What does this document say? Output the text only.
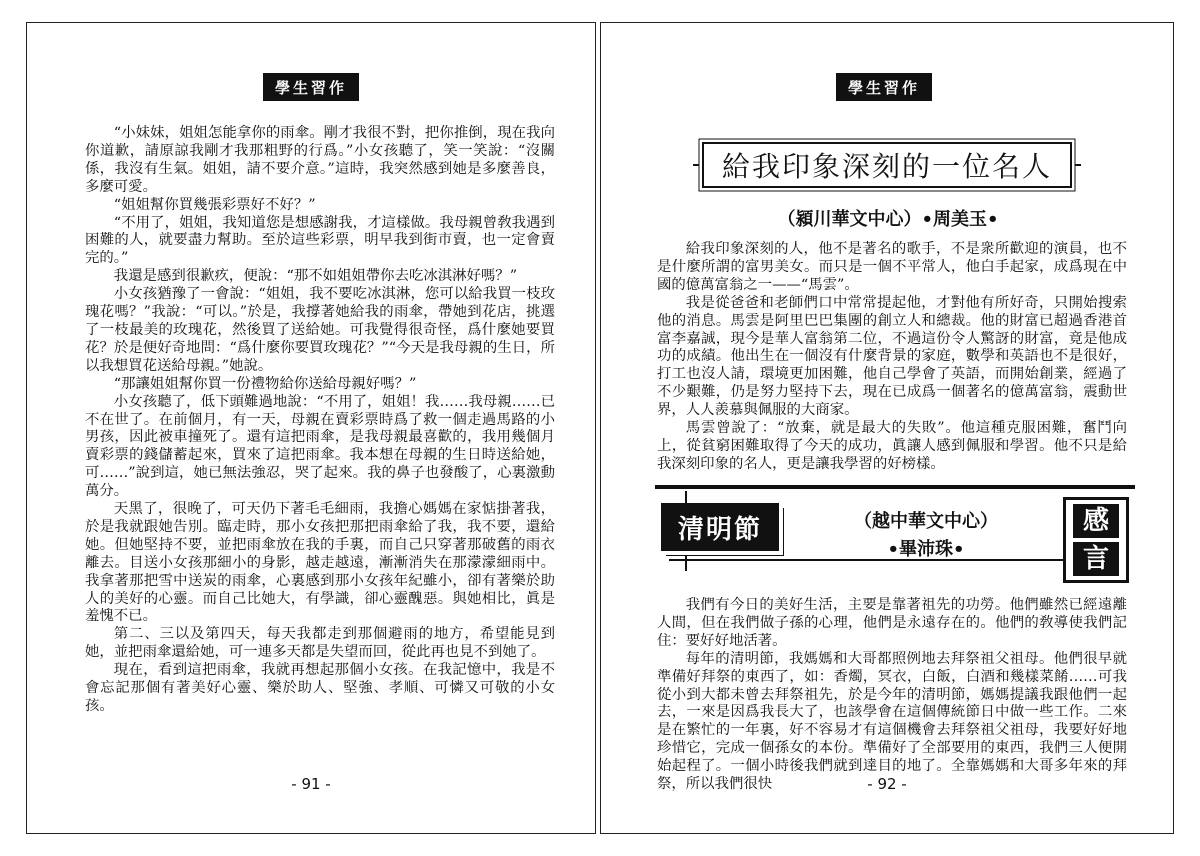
學生習作

“小妹妹，姐姐怎能拿你的雨傘。剛才我很不對，把你推倒，現在我向你道歉，請原諒我剛才我那粗野的行爲。”小女孩聽了，笑一笑說：“沒關係，我沒有生氣。姐姐，請不要介意。”這時，我突然感到她是多麼善良，多麼可愛。

“姐姐幫你買幾張彩票好不好？”

“不用了，姐姐，我知道您是想感謝我，才這樣做。我母親曾敎我遇到困難的人，就要盡力幫助。至於這些彩票，明早我到街市賣，也一定會賣完的。”

我還是感到很歉疚，便說：“那不如姐姐帶你去吃冰淇淋好嗎？”

小女孩猶豫了一會說：“姐姐，我不要吃冰淇淋，您可以給我買一枝玫瑰花嗎？”我說：“可以。”於是，我撐著她給我的雨傘，帶她到花店，挑選了一枝最美的玫瑰花，然後買了送給她。可我覺得很奇怪，爲什麼她要買花？於是便好奇地問：“爲什麼你要買玫瑰花？”“今天是我母親的生日，所以我想買花送給母親。”她說。

“那讓姐姐幫你買一份禮物給你送給母親好嗎？”

小女孩聽了，低下頭難過地說：“不用了，姐姐！我……我母親……已不在世了。在前個月，有一天，母親在賣彩票時爲了救一個走過馬路的小男孩，因此被車撞死了。還有這把雨傘，是我母親最喜歡的，我用幾個月賣彩票的錢儲蓄起來，買來了這把雨傘。我本想在母親的生日時送給她，可……”說到這，她已無法強忍，哭了起來。我的鼻子也發酸了，心裏激動萬分。

天黑了，很晚了，可天仍下著毛毛細雨，我擔心媽媽在家惦掛著我，於是我就跟她告別。臨走時，那小女孩把那把雨傘給了我，我不要，還給她。但她堅持不要，並把雨傘放在我的手裏，而自己只穿著那破舊的雨衣離去。目送小女孩那細小的身影，越走越遠，漸漸消失在那濛濛細雨中。我拿著那把雪中送炭的雨傘，心裏感到那小女孩年紀雖小，卻有著樂於助人的美好的心靈。而自己比她大，有學識，卻心靈醜惡。與她相比，眞是羞愧不已。

第二、三以及第四天，每天我都走到那個避雨的地方，希望能見到她，並把雨傘還給她，可一連多天都是失望而回，從此再也見不到她了。

現在，看到這把雨傘，我就再想起那個小女孩。在我記憶中，我是不會忘記那個有著美好心靈、樂於助人、堅強、孝順、可憐又可敬的小女孩。

- 91 -
學生習作
給我印象深刻的一位名人
（潁川華文中心）•周美玉•

給我印象深刻的人，他不是著名的歌手，不是衆所歡迎的演員，也不是什麼所謂的富男美女。而只是一個不平常人，他白手起家，成爲現在中國的億萬富翁之一——“馬雲”。

我是從爸爸和老師們口中常常提起他，才對他有所好奇，只開始搜索他的消息。馬雲是阿里巴巴集團的創立人和總裁。他的財富已超過香港首富李嘉誠，現今是華人富翁第二位，不過這份令人驚訝的財富，竟是他成功的成績。他出生在一個沒有什麼背景的家庭，數學和英語也不是很好，打工也沒人請，環境更加困難，他自己學會了英語，而開始創業，經過了不少艱難，仍是努力堅持下去，現在已成爲一個著名的億萬富翁，震動世界，人人羨慕與佩服的大商家。

馬雲曾說了：“放棄，就是最大的失敗”。他這種克服困難，奮鬥向上，從貧窮困難取得了今天的成功，眞讓人感到佩服和學習。他不只是給我深刻印象的名人，更是讓我學習的好榜樣。

清明節	（越中華文中心）
•畢沛珠•
感
言

我們有今日的美好生活，主要是靠著祖先的功勞。他們雖然已經遠離人間，但在我們做子孫的心理，他們是永遠存在的。他們的敎導使我們記住：要好好地活著。

每年的清明節，我媽媽和大哥都照例地去拜祭祖父祖母。他們很早就準備好拜祭的東西了，如：香燭，冥衣，白飯，白酒和幾樣菜餚……可我從小到大都未曾去拜祭祖先，於是今年的清明節，媽媽提議我跟他們一起去，一來是因爲我長大了，也該學會在這個傳統節日中做一些工作。二來是在繁忙的一年裏，好不容易才有這個機會去拜祭祖父祖母，我要好好地珍惜它，完成一個孫女的本份。準備好了全部要用的東西，我們三人便開始起程了。一個小時後我們就到達目的地了。全靠媽媽和大哥多年來的拜祭，所以我們很快	- 92 -
